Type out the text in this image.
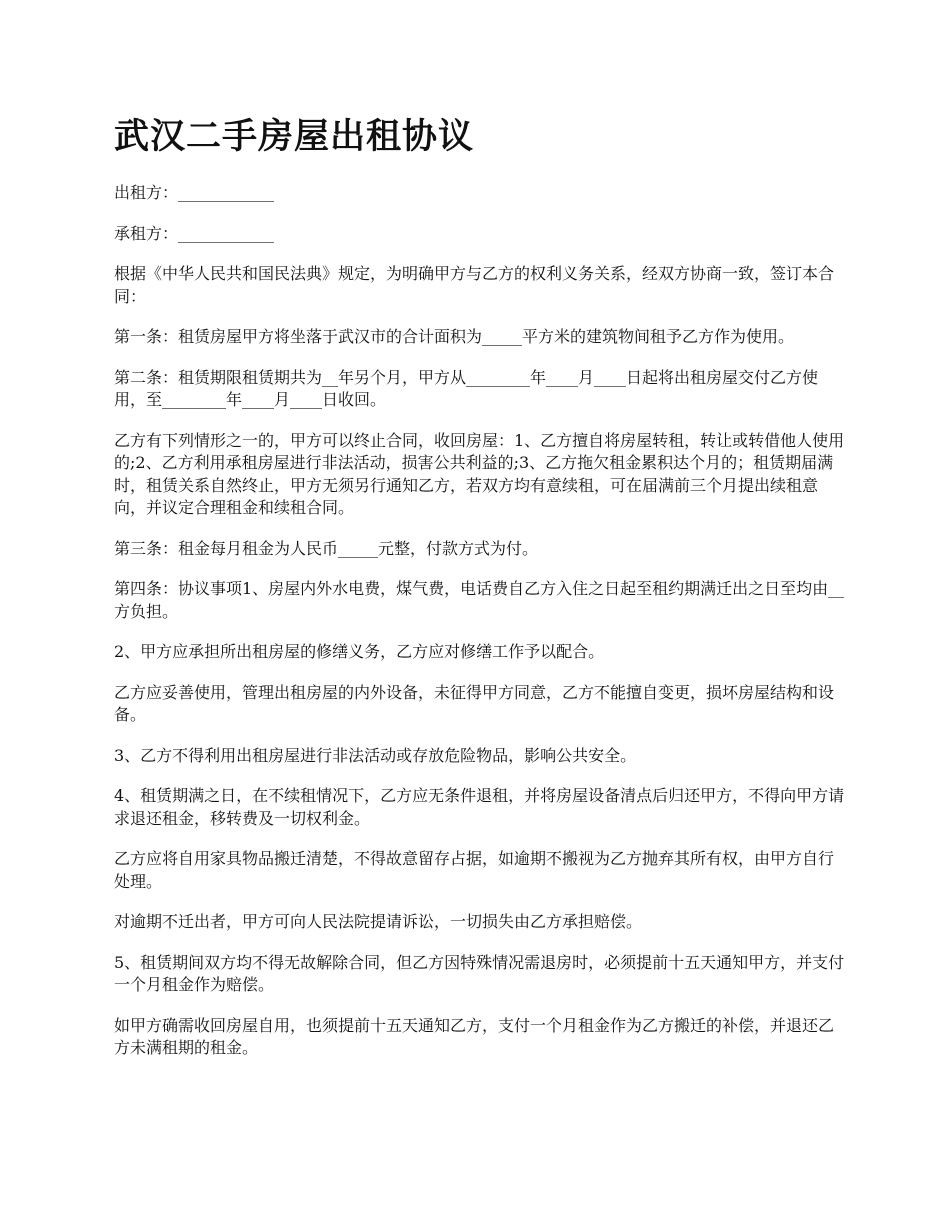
武汉二手房屋出租协议

出租方：____________

承租方：____________

根据《中华人民共和国民法典》规定，为明确甲方与乙方的权利义务关系，经双方协商一致，签订本合同：

第一条：租赁房屋甲方将坐落于武汉市的合计面积为_____平方米的建筑物间租予乙方作为使用。

第二条：租赁期限租赁期共为__年另个月，甲方从________年____月____日起将出租房屋交付乙方使用，至________年____月____日收回。

乙方有下列情形之一的，甲方可以终止合同，收回房屋：1、乙方擅自将房屋转租，转让或转借他人使用的;2、乙方利用承租房屋进行非法活动，损害公共利益的;3、乙方拖欠租金累积达个月的；租赁期届满时，租赁关系自然终止，甲方无须另行通知乙方，若双方均有意续租，可在届满前三个月提出续租意向，并议定合理租金和续租合同。

第三条：租金每月租金为人民币_____元整，付款方式为付。

第四条：协议事项1、房屋内外水电费，煤气费，电话费自乙方入住之日起至租约期满迁出之日至均由__方负担。

2、甲方应承担所出租房屋的修缮义务，乙方应对修缮工作予以配合。

乙方应妥善使用，管理出租房屋的内外设备，未征得甲方同意，乙方不能擅自变更，损坏房屋结构和设备。

3、乙方不得利用出租房屋进行非法活动或存放危险物品，影响公共安全。

4、租赁期满之日，在不续租情况下，乙方应无条件退租，并将房屋设备清点后归还甲方，不得向甲方请求退还租金，移转费及一切权利金。

乙方应将自用家具物品搬迁清楚，不得故意留存占据，如逾期不搬视为乙方抛弃其所有权，由甲方自行处理。

对逾期不迁出者，甲方可向人民法院提请诉讼，一切损失由乙方承担赔偿。

5、租赁期间双方均不得无故解除合同，但乙方因特殊情况需退房时，必须提前十五天通知甲方，并支付一个月租金作为赔偿。

如甲方确需收回房屋自用，也须提前十五天通知乙方，支付一个月租金作为乙方搬迁的补偿，并退还乙方未满租期的租金。
